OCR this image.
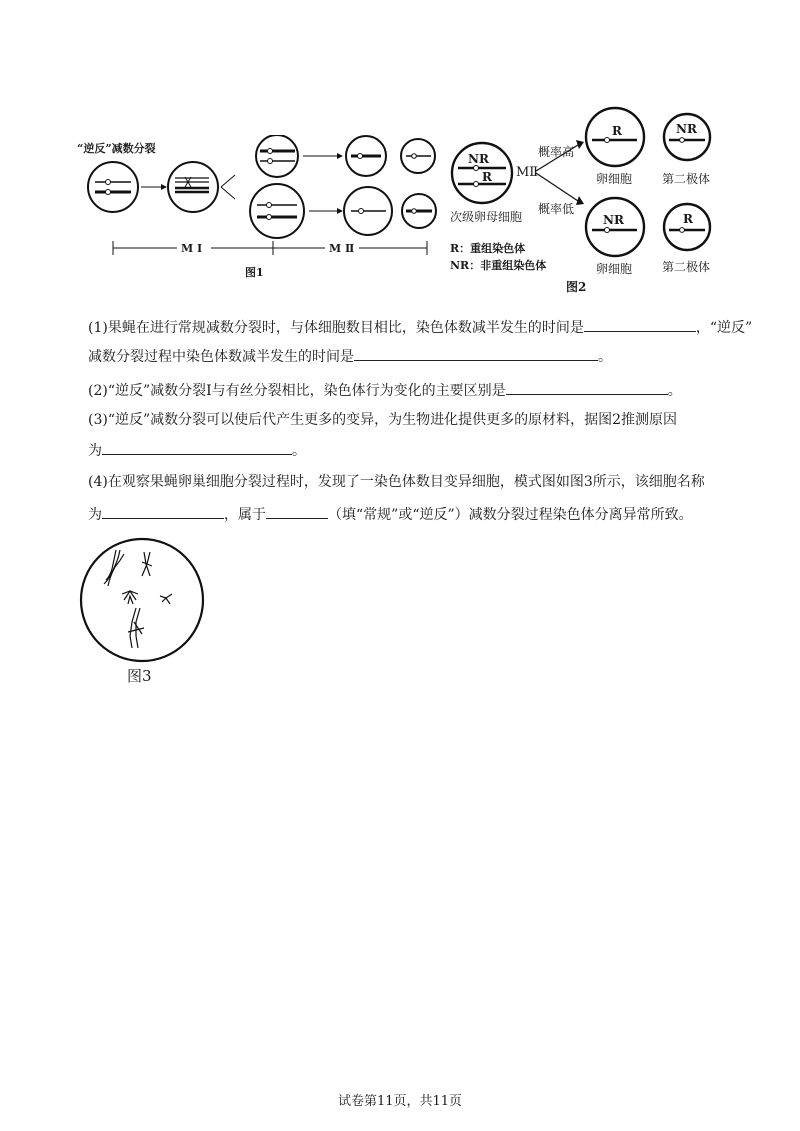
“逆反”减数分裂
M Ⅰ	M Ⅱ
图1
NR
R
次级卵母细胞
MⅡ
概率高
概率低
R
卵细胞
NR
第二极体
NR
卵细胞
R
第二极体
R：重组染色体
NR：非重组染色体
图2
(1)果蝇在进行常规减数分裂时，与体细胞数目相比，染色体数减半发生的时间是	，“逆反”
减数分裂过程中染色体数减半发生的时间是	。
(2)“逆反”减数分裂Ⅰ与有丝分裂相比，染色体行为变化的主要区别是	。
(3)“逆反”减数分裂可以使后代产生更多的变异，为生物进化提供更多的原材料，据图2推测原因
为	。
(4)在观察果蝇卵巢细胞分裂过程时，发现了一染色体数目变异细胞，模式图如图3所示，该细胞名称
为	，属于	（填“常规”或“逆反”）减数分裂过程染色体分离异常所致。
图3
试卷第11页，共11页
